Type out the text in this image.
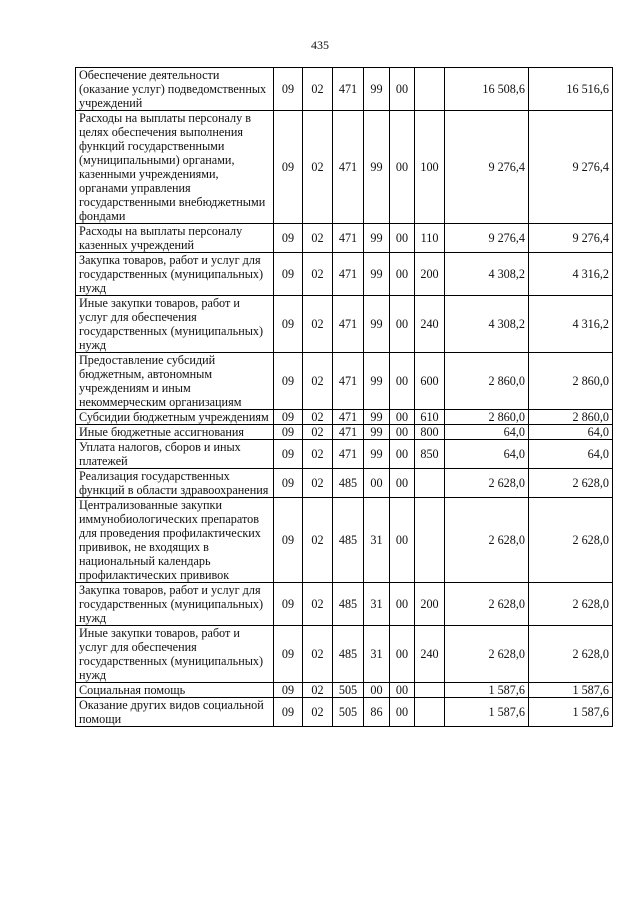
435
Обеспечение деятельности (оказание услуг) подведомственных учреждений	09	02	471	99	00		16 508,6	16 516,6
Расходы на выплаты персоналу в целях обеспечения выполнения функций государственными (муниципальными) органами, казенными учреждениями, органами управления государственными внебюджетными фондами	09	02	471	99	00	100	9 276,4	9 276,4
Расходы на выплаты персоналу казенных учреждений	09	02	471	99	00	110	9 276,4	9 276,4
Закупка товаров, работ и услуг для государственных (муниципальных) нужд	09	02	471	99	00	200	4 308,2	4 316,2
Иные закупки товаров, работ и услуг для обеспечения государственных (муниципальных) нужд	09	02	471	99	00	240	4 308,2	4 316,2
Предоставление субсидий бюджетным, автономным учреждениям и иным некоммерческим организациям	09	02	471	99	00	600	2 860,0	2 860,0
Субсидии бюджетным учреждениям	09	02	471	99	00	610	2 860,0	2 860,0
Иные бюджетные ассигнования	09	02	471	99	00	800	64,0	64,0
Уплата налогов, сборов и иных платежей	09	02	471	99	00	850	64,0	64,0
Реализация государственных функций в области здравоохранения	09	02	485	00	00		2 628,0	2 628,0
Централизованные закупки иммунобиологических препаратов для проведения профилактических прививок, не входящих в национальный календарь профилактических прививок	09	02	485	31	00		2 628,0	2 628,0
Закупка товаров, работ и услуг для государственных (муниципальных) нужд	09	02	485	31	00	200	2 628,0	2 628,0
Иные закупки товаров, работ и услуг для обеспечения государственных (муниципальных) нужд	09	02	485	31	00	240	2 628,0	2 628,0
Социальная помощь	09	02	505	00	00		1 587,6	1 587,6
Оказание других видов социальной помощи	09	02	505	86	00		1 587,6	1 587,6
